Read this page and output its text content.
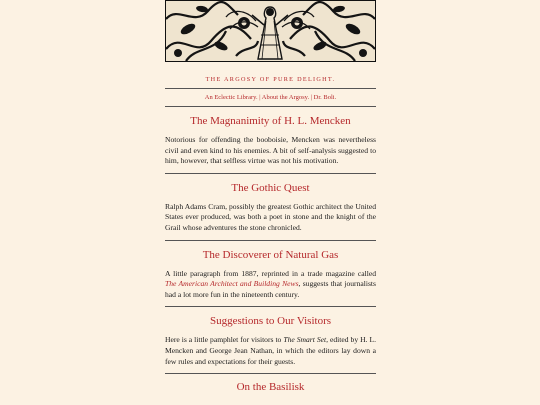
THE ARGOSY OF PURE DELIGHT.
An Eclectic Library. | About the Argosy. | Dr. Boli.
The Magnanimity of H. L. Mencken

Notorious for offending the booboisie, Mencken was nevertheless civil and even kind to his enemies. A bit of self-analysis suggested to him, however, that selfless virtue was not his motivation.

The Gothic Quest

Ralph Adams Cram, possibly the greatest Gothic architect the United States ever produced, was both a poet in stone and the knight of the Grail whose adventures the stone chronicled.

The Discoverer of Natural Gas

A little paragraph from 1887, reprinted in a trade magazine called The American Architect and Building News, suggests that journalists had a lot more fun in the nineteenth century.

Suggestions to Our Visitors

Here is a little pamphlet for visitors to The Smart Set, edited by H. L. Mencken and George Jean Nathan, in which the editors lay down a few rules and expectations for their guests.

On the Basilisk
